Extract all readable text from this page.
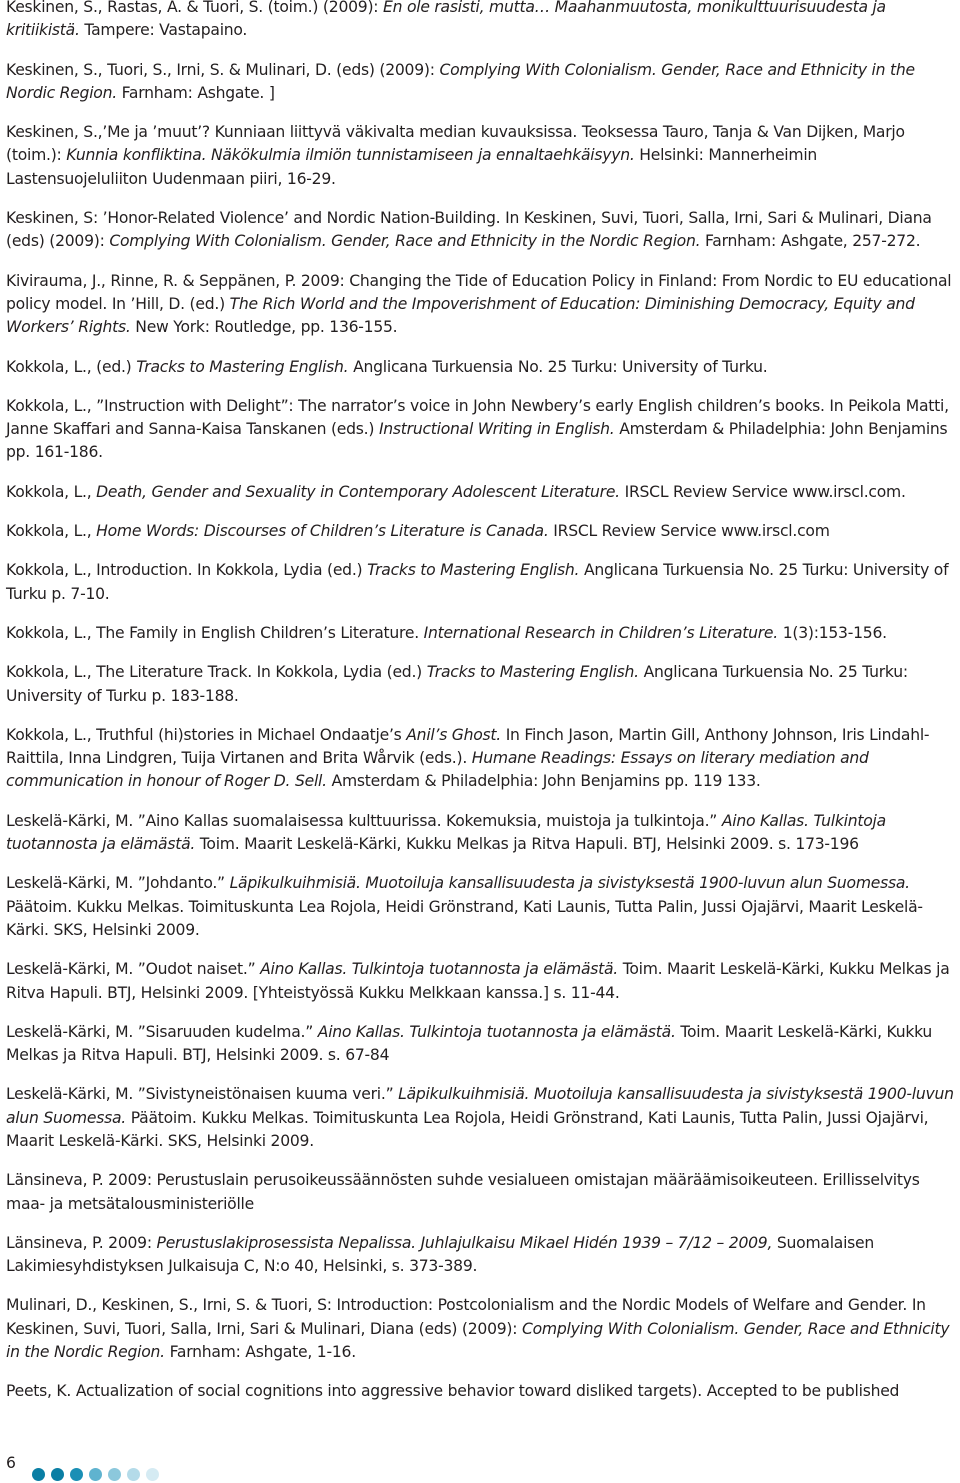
Keskinen, S., Rastas, A. & Tuori, S. (toim.) (2009): En ole rasisti, mutta… Maahanmuutosta, monikulttuurisuudesta ja kritiikistä. Tampere: Vastapaino.

Keskinen, S., Tuori, S., Irni, S. & Mulinari, D. (eds) (2009): Complying With Colonialism. Gender, Race and Ethnicity in the Nordic Region. Farnham: Ashgate. ]

Keskinen, S.,’Me ja ’muut’? Kunniaan liittyvä väkivalta median kuvauksissa. Teoksessa Tauro, Tanja & Van Dijken, Marjo (toim.): Kunnia konfliktina. Näkökulmia ilmiön tunnistamiseen ja ennaltaehkäisyyn. Helsinki: Mannerheimin Lastensuojeluliiton Uudenmaan piiri, 16-29.

Keskinen, S: ’Honor-Related Violence’ and Nordic Nation-Building. In Keskinen, Suvi, Tuori, Salla, Irni, Sari & Mulinari, Diana (eds) (2009): Complying With Colonialism. Gender, Race and Ethnicity in the Nordic Region. Farnham: Ashgate, 257-272.

Kivirauma, J., Rinne, R. & Seppänen, P. 2009: Changing the Tide of Education Policy in Finland: From Nordic to EU educational policy model. In ’Hill, D. (ed.) The Rich World and the Impoverishment of Education: Diminishing Democracy, Equity and Workers’ Rights. New York: Routledge, pp. 136-155.

Kokkola, L., (ed.) Tracks to Mastering English. Anglicana Turkuensia No. 25 Turku: University of Turku.

Kokkola, L., ”Instruction with Delight”: The narrator’s voice in John Newbery’s early English children’s books. In Peikola Matti, Janne Skaffari and Sanna-Kaisa Tanskanen (eds.) Instructional Writing in English. Amsterdam & Philadelphia: John Benjamins pp. 161-186.

Kokkola, L., Death, Gender and Sexuality in Contemporary Adolescent Literature. IRSCL Review Service www.irscl.com.

Kokkola, L., Home Words: Discourses of Children’s Literature is Canada. IRSCL Review Service www.irscl.com

Kokkola, L., Introduction. In Kokkola, Lydia (ed.) Tracks to Mastering English. Anglicana Turkuensia No. 25 Turku: University of Turku p. 7-10.

Kokkola, L., The Family in English Children’s Literature. International Research in Children’s Literature. 1(3):153-156.

Kokkola, L., The Literature Track. In Kokkola, Lydia (ed.) Tracks to Mastering English. Anglicana Turkuensia No. 25 Turku: University of Turku p. 183-188.

Kokkola, L., Truthful (hi)stories in Michael Ondaatje’s Anil’s Ghost. In Finch Jason, Martin Gill, Anthony Johnson, Iris Lindahl-Raittila, Inna Lindgren, Tuija Virtanen and Brita Wårvik (eds.). Humane Readings: Essays on literary mediation and communication in honour of Roger D. Sell. Amsterdam & Philadelphia: John Benjamins pp. 119 133.

Leskelä-Kärki, M. ”Aino Kallas suomalaisessa kulttuurissa. Kokemuksia, muistoja ja tulkintoja.” Aino Kallas. Tulkintoja tuotannosta ja elämästä. Toim. Maarit Leskelä-Kärki, Kukku Melkas ja Ritva Hapuli. BTJ, Helsinki 2009. s. 173-196

Leskelä-Kärki, M. ”Johdanto.” Läpikulkuihmisiä. Muotoiluja kansallisuudesta ja sivistyksestä 1900-luvun alun Suomessa. Päätoim. Kukku Melkas. Toimituskunta Lea Rojola, Heidi Grönstrand, Kati Launis, Tutta Palin, Jussi Ojajärvi, Maarit Leskelä-Kärki. SKS, Helsinki 2009.

Leskelä-Kärki, M. ”Oudot naiset.” Aino Kallas. Tulkintoja tuotannosta ja elämästä. Toim. Maarit Leskelä-Kärki, Kukku Melkas ja Ritva Hapuli. BTJ, Helsinki 2009. [Yhteistyössä Kukku Melkkaan kanssa.] s. 11-44.

Leskelä-Kärki, M. ”Sisaruuden kudelma.” Aino Kallas. Tulkintoja tuotannosta ja elämästä. Toim. Maarit Leskelä-Kärki, Kukku Melkas ja Ritva Hapuli. BTJ, Helsinki 2009. s. 67-84

Leskelä-Kärki, M. ”Sivistyneistönaisen kuuma veri.” Läpikulkuihmisiä. Muotoiluja kansallisuudesta ja sivistyksestä 1900-luvun alun Suomessa. Päätoim. Kukku Melkas. Toimituskunta Lea Rojola, Heidi Grönstrand, Kati Launis, Tutta Palin, Jussi Ojajärvi, Maarit Leskelä-Kärki. SKS, Helsinki 2009.

Länsineva, P. 2009: Perustuslain perusoikeussäännösten suhde vesialueen omistajan määräämisoikeuteen. Erillisselvitys maa- ja metsätalousministeriölle

Länsineva, P. 2009: Perustuslakiprosessista Nepalissa. Juhlajulkaisu Mikael Hidén 1939 – 7/12 – 2009, Suomalaisen Lakimiesyhdistyksen Julkaisuja C, N:o 40, Helsinki, s. 373-389.

Mulinari, D., Keskinen, S., Irni, S. & Tuori, S: Introduction: Postcolonialism and the Nordic Models of Welfare and Gender. In Keskinen, Suvi, Tuori, Salla, Irni, Sari & Mulinari, Diana (eds) (2009): Complying With Colonialism. Gender, Race and Ethnicity in the Nordic Region. Farnham: Ashgate, 1-16.

Peets, K. Actualization of social cognitions into aggressive behavior toward disliked targets). Accepted to be published

6
